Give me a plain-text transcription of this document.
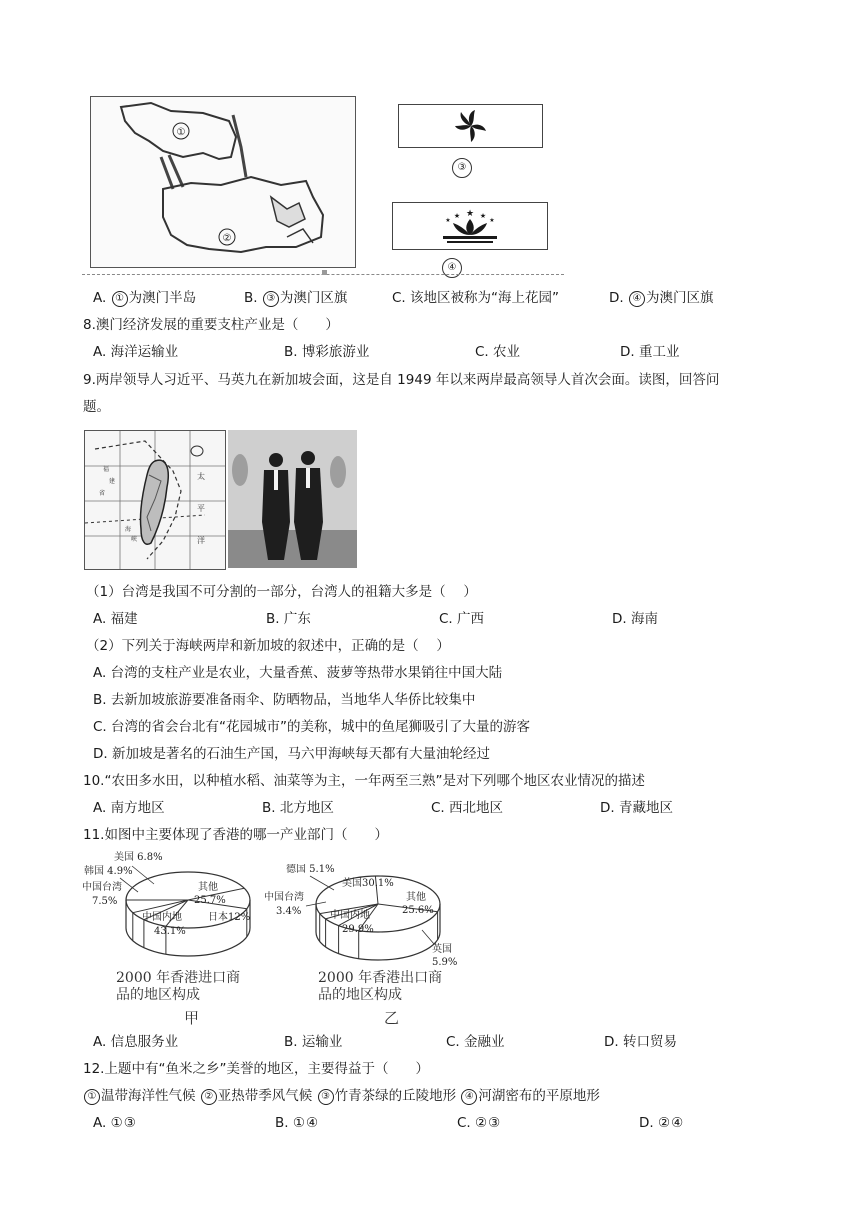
①
②
③
★
★	★
★	★
④
A. ① 为澳门半岛	B. ③ 为澳门区旗	C. 该地区被称为“海上花园”	D. ④ 为澳门区旗
8.澳门经济发展的重要支柱产业是（　　）
A. 海洋运输业	B. 博彩旅游业	C. 农业	D. 重工业
9.两岸领导人习近平、马英九在新加坡会面，这是自 1949 年以来两岸最高领导人首次会面。读图，回答问
题。
福
建
省
海
峡
太
平
洋
（1）台湾是我国不可分割的一部分，台湾人的祖籍大多是（　 ）
A. 福建	B. 广东	C. 广西	D. 海南
（2）下列关于海峡两岸和新加坡的叙述中，正确的是（　 ）
A. 台湾的支柱产业是农业，大量香蕉、菠萝等热带水果销往中国大陆
B. 去新加坡旅游要准备雨伞、防晒物品，当地华人华侨比较集中
C. 台湾的省会台北有“花园城市”的美称，城中的鱼尾狮吸引了大量的游客
D. 新加坡是著名的石油生产国，马六甲海峡每天都有大量油轮经过
10.“农田多水田，以种植水稻、油菜等为主，一年两至三熟”是对下列哪个地区农业情况的描述
A. 南方地区	B. 北方地区	C. 西北地区	D. 青藏地区
11.如图中主要体现了香港的哪一产业部门（　　）
美国 6.8%
韩国 4.9%
中国台湾
7.5%
其他
25.7%
日本12%
中国内地
43.1%
2000 年香港进口商
品的地区构成
甲
德国 5.1%
美国30.1%
中国台湾
3.4%
其他
25.6%
中国内地
29.9%
英国
5.9%
2000 年香港出口商
品的地区构成
乙
A. 信息服务业	B. 运输业	C. 金融业	D. 转口贸易
12.上题中有“鱼米之乡”美誉的地区，主要得益于（　　）
① 温带海洋性气候 ② 亚热带季风气候 ③ 竹青茶绿的丘陵地形 ④ 河湖密布的平原地形
A. ①③	B. ①④	C. ②③	D. ②④
